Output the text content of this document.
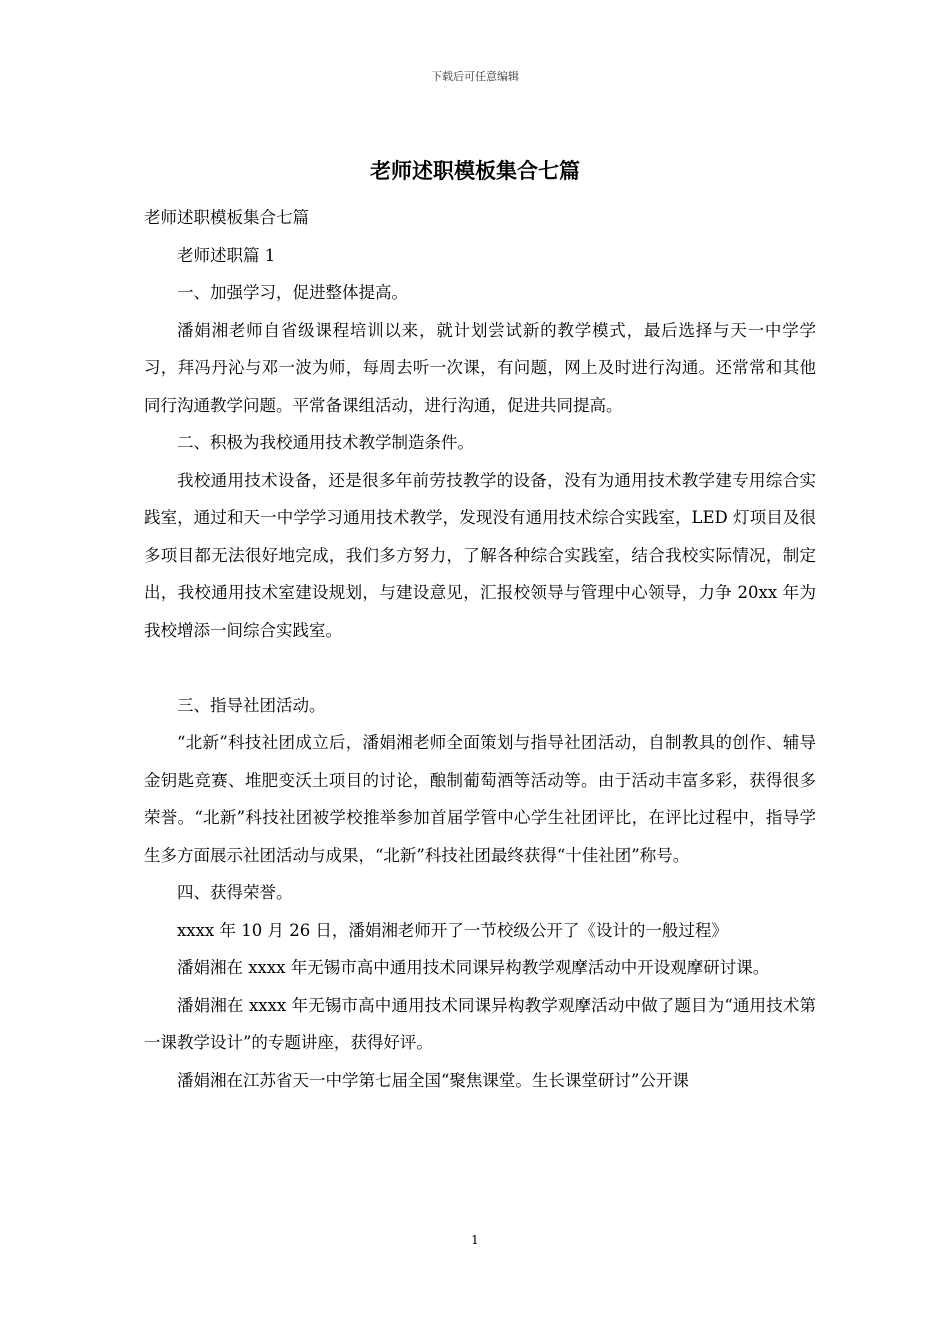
下载后可任意编辑
老师述职模板集合七篇

老师述职模板集合七篇

老师述职篇 1

一、加强学习，促进整体提高。

潘娟湘老师自省级课程培训以来，就计划尝试新的教学模式，最后选择与天一中学学习，拜冯丹沁与邓一波为师，每周去听一次课，有问题，网上及时进行沟通。还常常和其他同行沟通教学问题。平常备课组活动，进行沟通，促进共同提高。

二、积极为我校通用技术教学制造条件。

我校通用技术设备，还是很多年前劳技教学的设备，没有为通用技术教学建专用综合实践室，通过和天一中学学习通用技术教学，发现没有通用技术综合实践室，LED 灯项目及很多项目都无法很好地完成，我们多方努力，了解各种综合实践室，结合我校实际情况，制定出，我校通用技术室建设规划，与建设意见，汇报校领导与管理中心领导，力争 20xx 年为我校增添一间综合实践室。

三、指导社团活动。

“北新”科技社团成立后，潘娟湘老师全面策划与指导社团活动，自制教具的创作、辅导金钥匙竞赛、堆肥变沃土项目的讨论，酿制葡萄酒等活动等。由于活动丰富多彩，获得很多荣誉。“北新”科技社团被学校推举参加首届学管中心学生社团评比，在评比过程中，指导学生多方面展示社团活动与成果，“北新”科技社团最终获得“十佳社团”称号。

四、获得荣誉。

xxxx 年 10 月 26 日，潘娟湘老师开了一节校级公开了《设计的一般过程》

潘娟湘在 xxxx 年无锡市高中通用技术同课异构教学观摩活动中开设观摩研讨课。

潘娟湘在 xxxx 年无锡市高中通用技术同课异构教学观摩活动中做了题目为“通用技术第一课教学设计”的专题讲座，获得好评。

潘娟湘在江苏省天一中学第七届全国“聚焦课堂。生长课堂研讨”公开课

1
